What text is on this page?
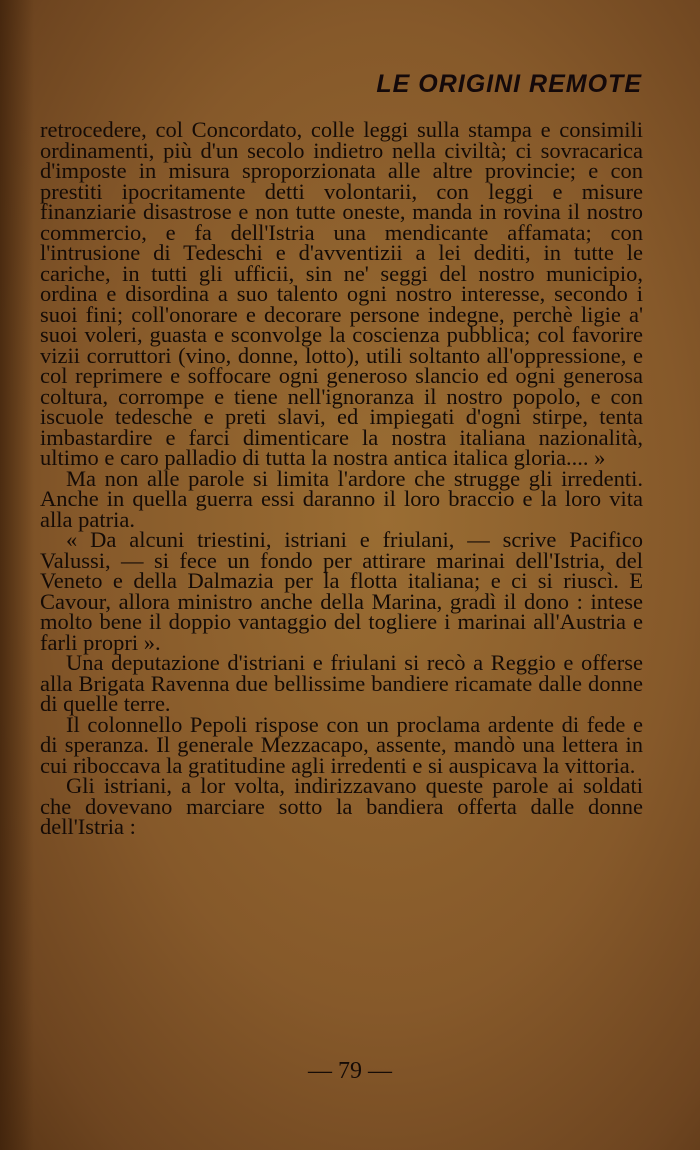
LE ORIGINI REMOTE

retrocedere, col Concordato, colle leggi sulla stampa e consimili ordinamenti, più d'un secolo indietro nella civiltà; ci sovracarica d'imposte in misura sproporzionata alle altre provincie; e con prestiti ipocritamente detti volontarii, con leggi e misure finanziarie disastrose e non tutte oneste, manda in rovina il nostro commercio, e fa dell'Istria una mendicante affamata; con l'intrusione di Tedeschi e d'avventizii a lei dediti, in tutte le cariche, in tutti gli ufficii, sin ne' seggi del nostro municipio, ordina e disordina a suo talento ogni nostro interesse, secondo i suoi fini; coll'onorare e decorare persone indegne, perchè ligie a' suoi voleri, guasta e sconvolge la coscienza pubblica; col favorire vizii corruttori (vino, donne, lotto), utili soltanto all'oppressione, e col reprimere e soffocare ogni generoso slancio ed ogni generosa coltura, corrompe e tiene nell'ignoranza il nostro popolo, e con iscuole tedesche e preti slavi, ed impiegati d'ogni stirpe, tenta imbastardire e farci dimenticare la nostra italiana nazionalità, ultimo e caro palladio di tutta la nostra antica italica gloria.... »

Ma non alle parole si limita l'ardore che strugge gli irredenti. Anche in quella guerra essi daranno il loro braccio e la loro vita alla patria.

« Da alcuni triestini, istriani e friulani, — scrive Pacifico Valussi, — si fece un fondo per attirare marinai dell'Istria, del Veneto e della Dalmazia per la flotta italiana; e ci si riuscì. E Cavour, allora ministro anche della Marina, gradì il dono : intese molto bene il doppio vantaggio del togliere i marinai all'Austria e farli propri ».

Una deputazione d'istriani e friulani si recò a Reggio e offerse alla Brigata Ravenna due bellissime bandiere ricamate dalle donne di quelle terre.

Il colonnello Pepoli rispose con un proclama ardente di fede e di speranza. Il generale Mezzacapo, assente, mandò una lettera in cui riboccava la gratitudine agli irredenti e si auspicava la vittoria.

Gli istriani, a lor volta, indirizzavano queste parole ai soldati che dovevano marciare sotto la bandiera offerta dalle donne dell'Istria :

— 79 —
